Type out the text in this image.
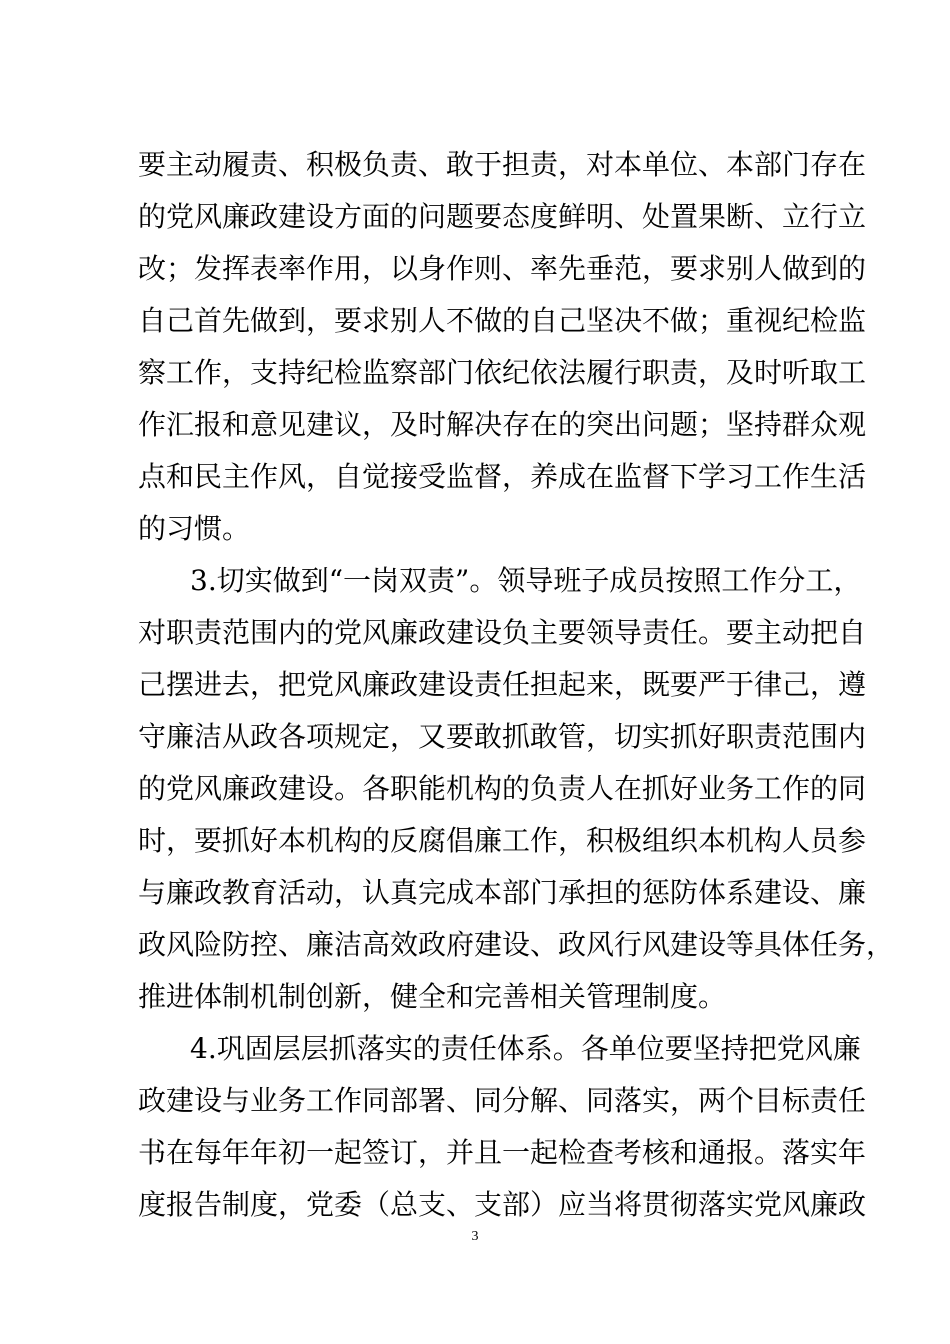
要主动履责、积极负责、敢于担责，对本单位、本部门存在
的党风廉政建设方面的问题要态度鲜明、处置果断、立行立
改；发挥表率作用，以身作则、率先垂范，要求别人做到的
自己首先做到，要求别人不做的自己坚决不做；重视纪检监
察工作，支持纪检监察部门依纪依法履行职责，及时听取工
作汇报和意见建议，及时解决存在的突出问题；坚持群众观
点和民主作风，自觉接受监督，养成在监督下学习工作生活
的习惯。
3.切实做到“一岗双责”。领导班子成员按照工作分工，
对职责范围内的党风廉政建设负主要领导责任。要主动把自
己摆进去，把党风廉政建设责任担起来，既要严于律己，遵
守廉洁从政各项规定，又要敢抓敢管，切实抓好职责范围内
的党风廉政建设。各职能机构的负责人在抓好业务工作的同
时，要抓好本机构的反腐倡廉工作，积极组织本机构人员参
与廉政教育活动，认真完成本部门承担的惩防体系建设、廉
政风险防控、廉洁高效政府建设、政风行风建设等具体任务，
推进体制机制创新，健全和完善相关管理制度。
4.巩固层层抓落实的责任体系。各单位要坚持把党风廉
政建设与业务工作同部署、同分解、同落实，两个目标责任
书在每年年初一起签订，并且一起检查考核和通报。落实年
度报告制度，党委（总支、支部）应当将贯彻落实党风廉政
3
